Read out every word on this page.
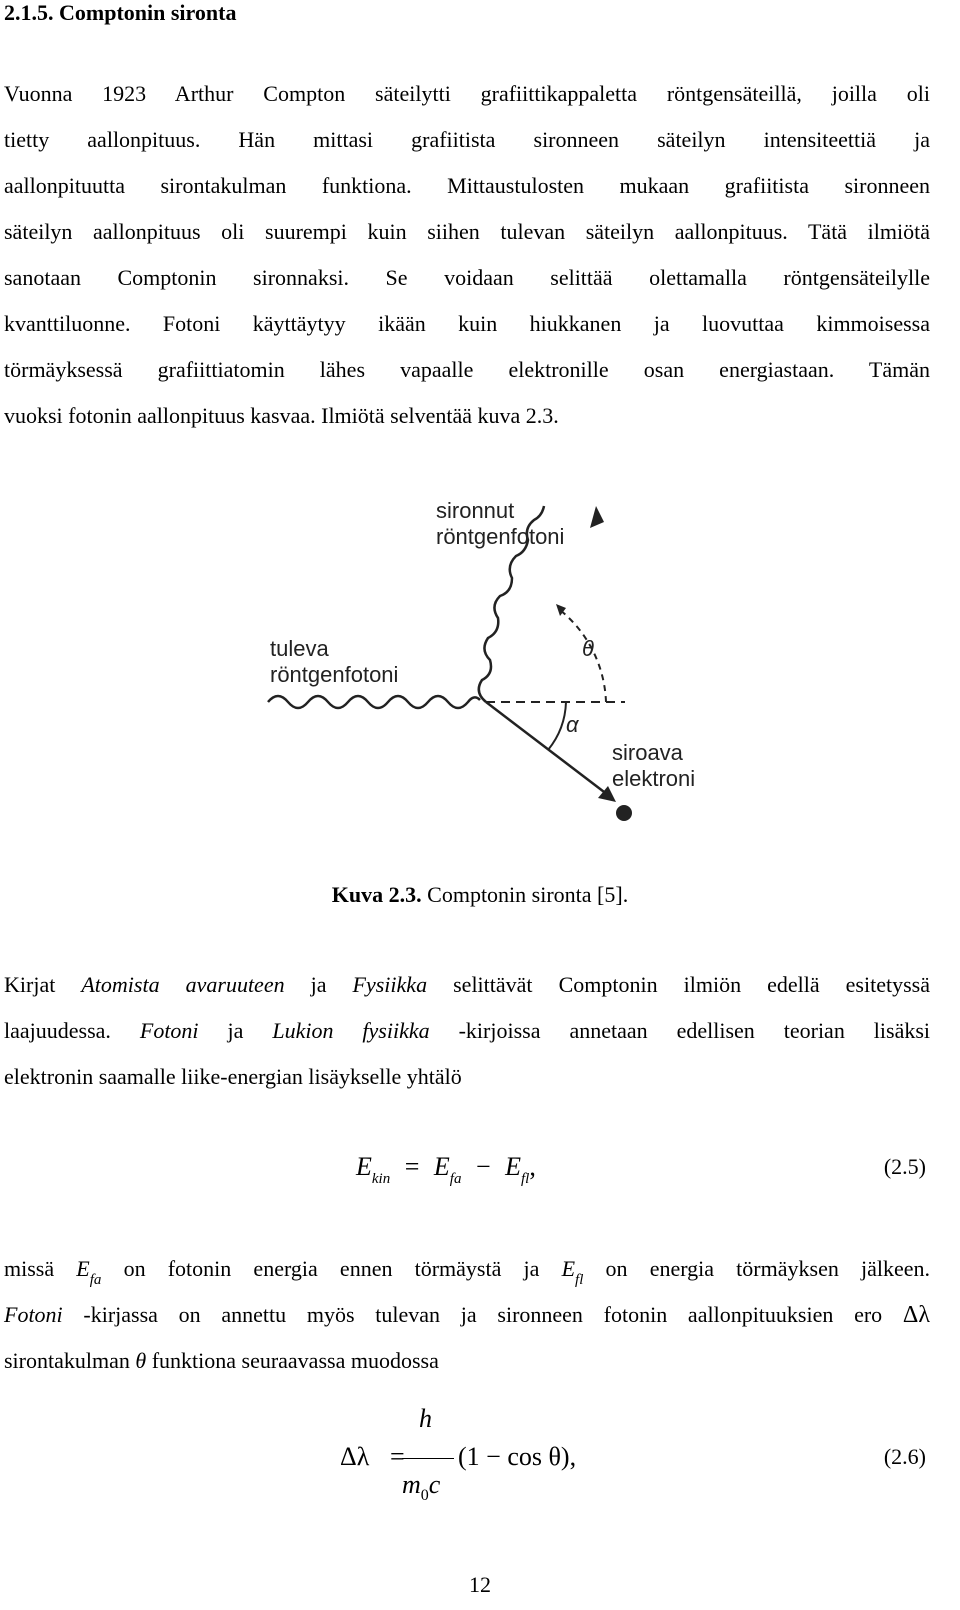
2.1.5. Comptonin sironta
Vuonna 1923 Arthur Compton säteilytti grafiittikappaletta röntgensäteillä, joilla oli
tietty aallonpituus. Hän mittasi grafiitista sironneen säteilyn intensiteettiä ja
aallonpituutta sirontakulman funktiona. Mittaustulosten mukaan grafiitista sironneen
säteilyn aallonpituus oli suurempi kuin siihen tulevan säteilyn aallonpituus. Tätä ilmiötä
sanotaan Comptonin sironnaksi. Se voidaan selittää olettamalla röntgensäteilylle
kvanttiluonne. Fotoni käyttäytyy ikään kuin hiukkanen ja luovuttaa kimmoisessa
törmäyksessä grafiittiatomin lähes vapaalle elektronille osan energiastaan. Tämän
vuoksi fotonin aallonpituus kasvaa. Ilmiötä selventää kuva 2.3.
sironnut
röntgenfotoni
tuleva
röntgenfotoni
siroava
elektroni
θ
α
Kuva 2.3. Comptonin sironta [5].
Kirjat Atomista avaruuteen ja Fysiikka selittävät Comptonin ilmiön edellä esitetyssä
laajuudessa. Fotoni ja Lukion fysiikka -kirjoissa annetaan edellisen teorian lisäksi
elektronin saamalle liike-energian lisäykselle yhtälö
$E_{kin} = E_{fa} - E_{fl}$,	(2.5)
missä $E_{fa}$ on fotonin energia ennen törmäystä ja $E_{fl}$ on energia törmäyksen jälkeen.
Fotoni -kirjassa on annettu myös tulevan ja sironneen fotonin aallonpituuksien ero Δλ
sirontakulman θ funktiona seuraavassa muodossa
Δλ =
h
$m_0c$
(1 − cos θ),	(2.6)
12
